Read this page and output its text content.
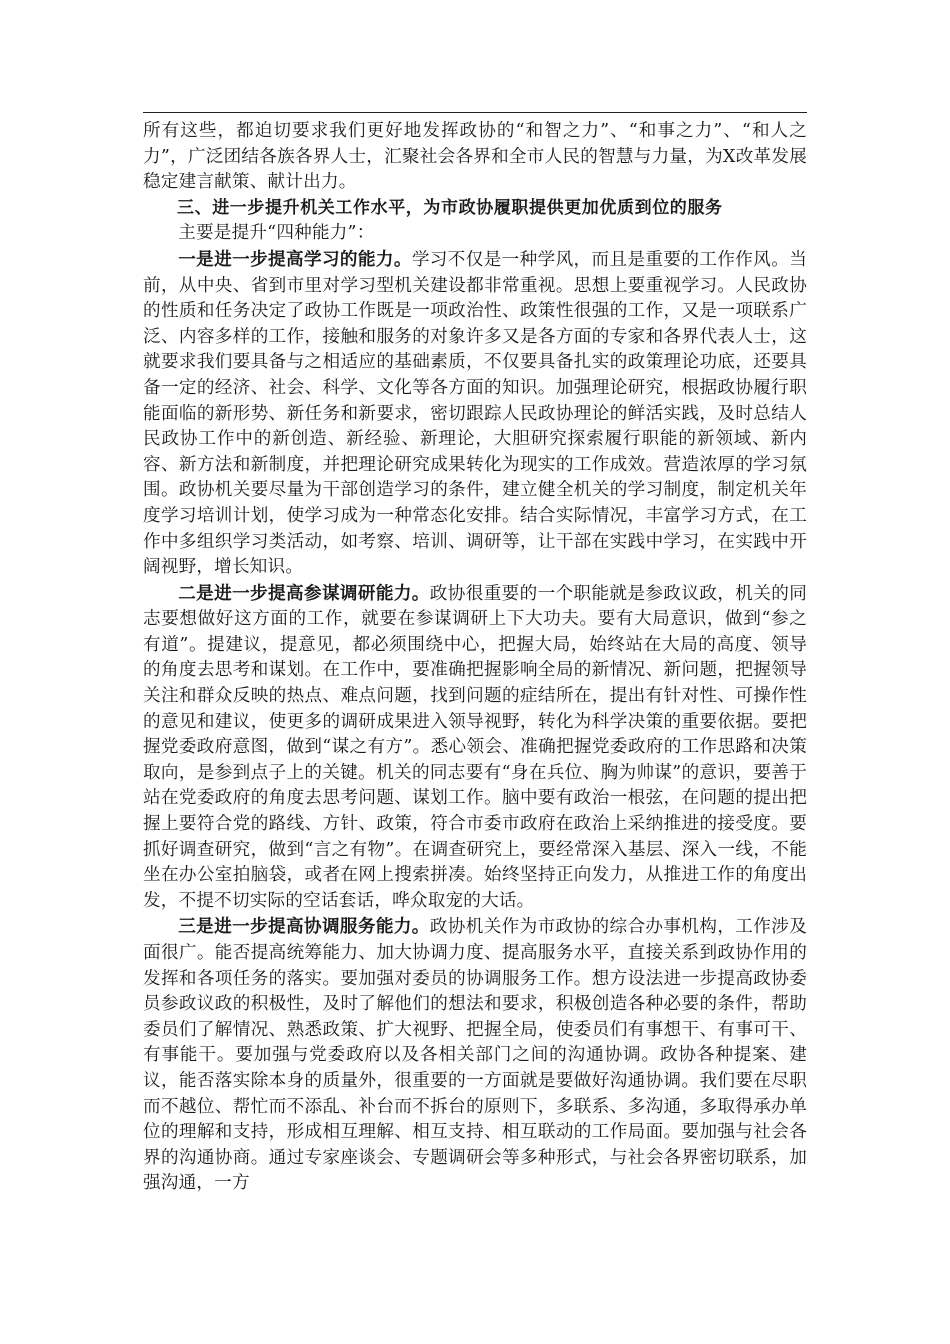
所有这些，都迫切要求我们更好地发挥政协的“和智之力”、“和事之力”、“和人之力”，广泛团结各族各界人士，汇聚社会各界和全市人民的智慧与力量，为X改革发展稳定建言献策、献计出力。

三、进一步提升机关工作水平，为市政协履职提供更加优质到位的服务

主要是提升“四种能力”：

一是进一步提高学习的能力。学习不仅是一种学风，而且是重要的工作作风。当前，从中央、省到市里对学习型机关建设都非常重视。思想上要重视学习。人民政协的性质和任务决定了政协工作既是一项政治性、政策性很强的工作，又是一项联系广泛、内容多样的工作，接触和服务的对象许多又是各方面的专家和各界代表人士，这就要求我们要具备与之相适应的基础素质，不仅要具备扎实的政策理论功底，还要具备一定的经济、社会、科学、文化等各方面的知识。加强理论研究，根据政协履行职能面临的新形势、新任务和新要求，密切跟踪人民政协理论的鲜活实践，及时总结人民政协工作中的新创造、新经验、新理论，大胆研究探索履行职能的新领域、新内容、新方法和新制度，并把理论研究成果转化为现实的工作成效。营造浓厚的学习氛围。政协机关要尽量为干部创造学习的条件，建立健全机关的学习制度，制定机关年度学习培训计划，使学习成为一种常态化安排。结合实际情况，丰富学习方式，在工作中多组织学习类活动，如考察、培训、调研等，让干部在实践中学习，在实践中开阔视野，增长知识。

二是进一步提高参谋调研能力。政协很重要的一个职能就是参政议政，机关的同志要想做好这方面的工作，就要在参谋调研上下大功夫。要有大局意识，做到“参之有道”。提建议，提意见，都必须围绕中心，把握大局，始终站在大局的高度、领导的角度去思考和谋划。在工作中，要准确把握影响全局的新情况、新问题，把握领导关注和群众反映的热点、难点问题，找到问题的症结所在，提出有针对性、可操作性的意见和建议，使更多的调研成果进入领导视野，转化为科学决策的重要依据。要把握党委政府意图，做到“谋之有方”。悉心领会、准确把握党委政府的工作思路和决策取向，是参到点子上的关键。机关的同志要有“身在兵位、胸为帅谋”的意识，要善于站在党委政府的角度去思考问题、谋划工作。脑中要有政治一根弦，在问题的提出把握上要符合党的路线、方针、政策，符合市委市政府在政治上采纳推进的接受度。要抓好调查研究，做到“言之有物”。在调查研究上，要经常深入基层、深入一线，不能坐在办公室拍脑袋，或者在网上搜索拼凑。始终坚持正向发力，从推进工作的角度出发，不提不切实际的空话套话，哗众取宠的大话。

三是进一步提高协调服务能力。政协机关作为市政协的综合办事机构，工作涉及面很广。能否提高统筹能力、加大协调力度、提高服务水平，直接关系到政协作用的发挥和各项任务的落实。要加强对委员的协调服务工作。想方设法进一步提高政协委员参政议政的积极性，及时了解他们的想法和要求，积极创造各种必要的条件，帮助委员们了解情况、熟悉政策、扩大视野、把握全局，使委员们有事想干、有事可干、有事能干。要加强与党委政府以及各相关部门之间的沟通协调。政协各种提案、建议，能否落实除本身的质量外，很重要的一方面就是要做好沟通协调。我们要在尽职而不越位、帮忙而不添乱、补台而不拆台的原则下，多联系、多沟通，多取得承办单位的理解和支持，形成相互理解、相互支持、相互联动的工作局面。要加强与社会各界的沟通协商。通过专家座谈会、专题调研会等多种形式，与社会各界密切联系，加强沟通，一方
